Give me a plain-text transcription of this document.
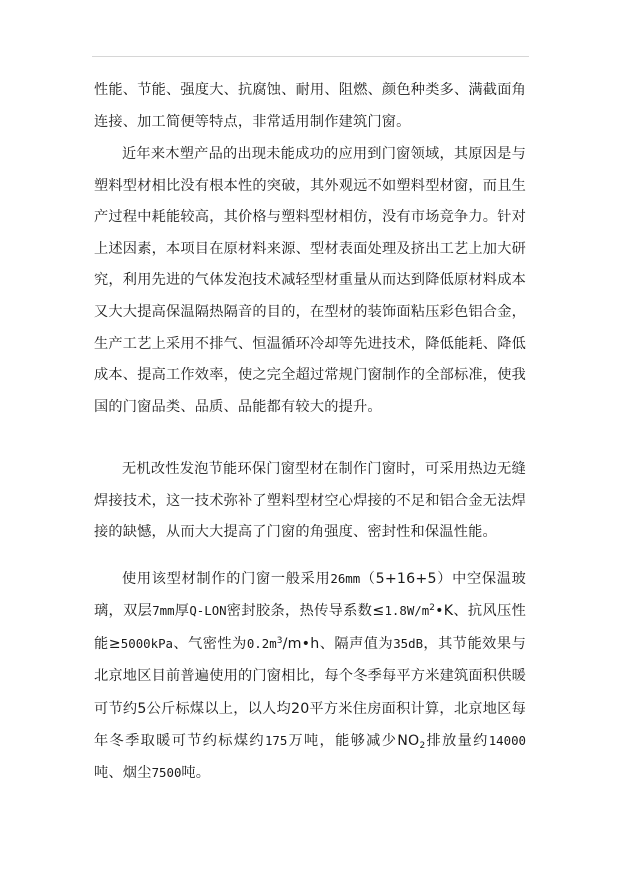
性能、节能、强度大、抗腐蚀、耐用、阻燃、颜色种类多、满截面角连接、加工简便等特点，非常适用制作建筑门窗。

近年来木塑产品的出现未能成功的应用到门窗领域，其原因是与塑料型材相比没有根本性的突破，其外观远不如塑料型材窗，而且生产过程中耗能较高，其价格与塑料型材相仿，没有市场竞争力。针对上述因素，本项目在原材料来源、型材表面处理及挤出工艺上加大研究，利用先进的气体发泡技术减轻型材重量从而达到降低原材料成本又大大提高保温隔热隔音的目的，在型材的装饰面粘压彩色铝合金，生产工艺上采用不排气、恒温循环冷却等先进技术，降低能耗、降低成本、提高工作效率，使之完全超过常规门窗制作的全部标准，使我国的门窗品类、品质、品能都有较大的提升。

无机改性发泡节能环保门窗型材在制作门窗时，可采用热边无缝焊接技术，这一技术弥补了塑料型材空心焊接的不足和铝合金无法焊接的缺憾，从而大大提高了门窗的角强度、密封性和保温性能。

使用该型材制作的门窗一般采用26mm（5+16+5）中空保温玻璃，双层7mm厚Q-LON密封胶条，热传导系数$\le 1.8W/m^2•K$、抗风压性能≥5000kPa、气密性为$0.2m^3/m•h$、隔声值为35dB，其节能效果与北京地区目前普遍使用的门窗相比，每个冬季每平方米建筑面积供暖可节约5公斤标煤以上，以人均20平方米住房面积计算，北京地区每年冬季取暖可节约标煤约175万吨，能够减少$NO_2$排放量约14000吨、烟尘7500吨。
